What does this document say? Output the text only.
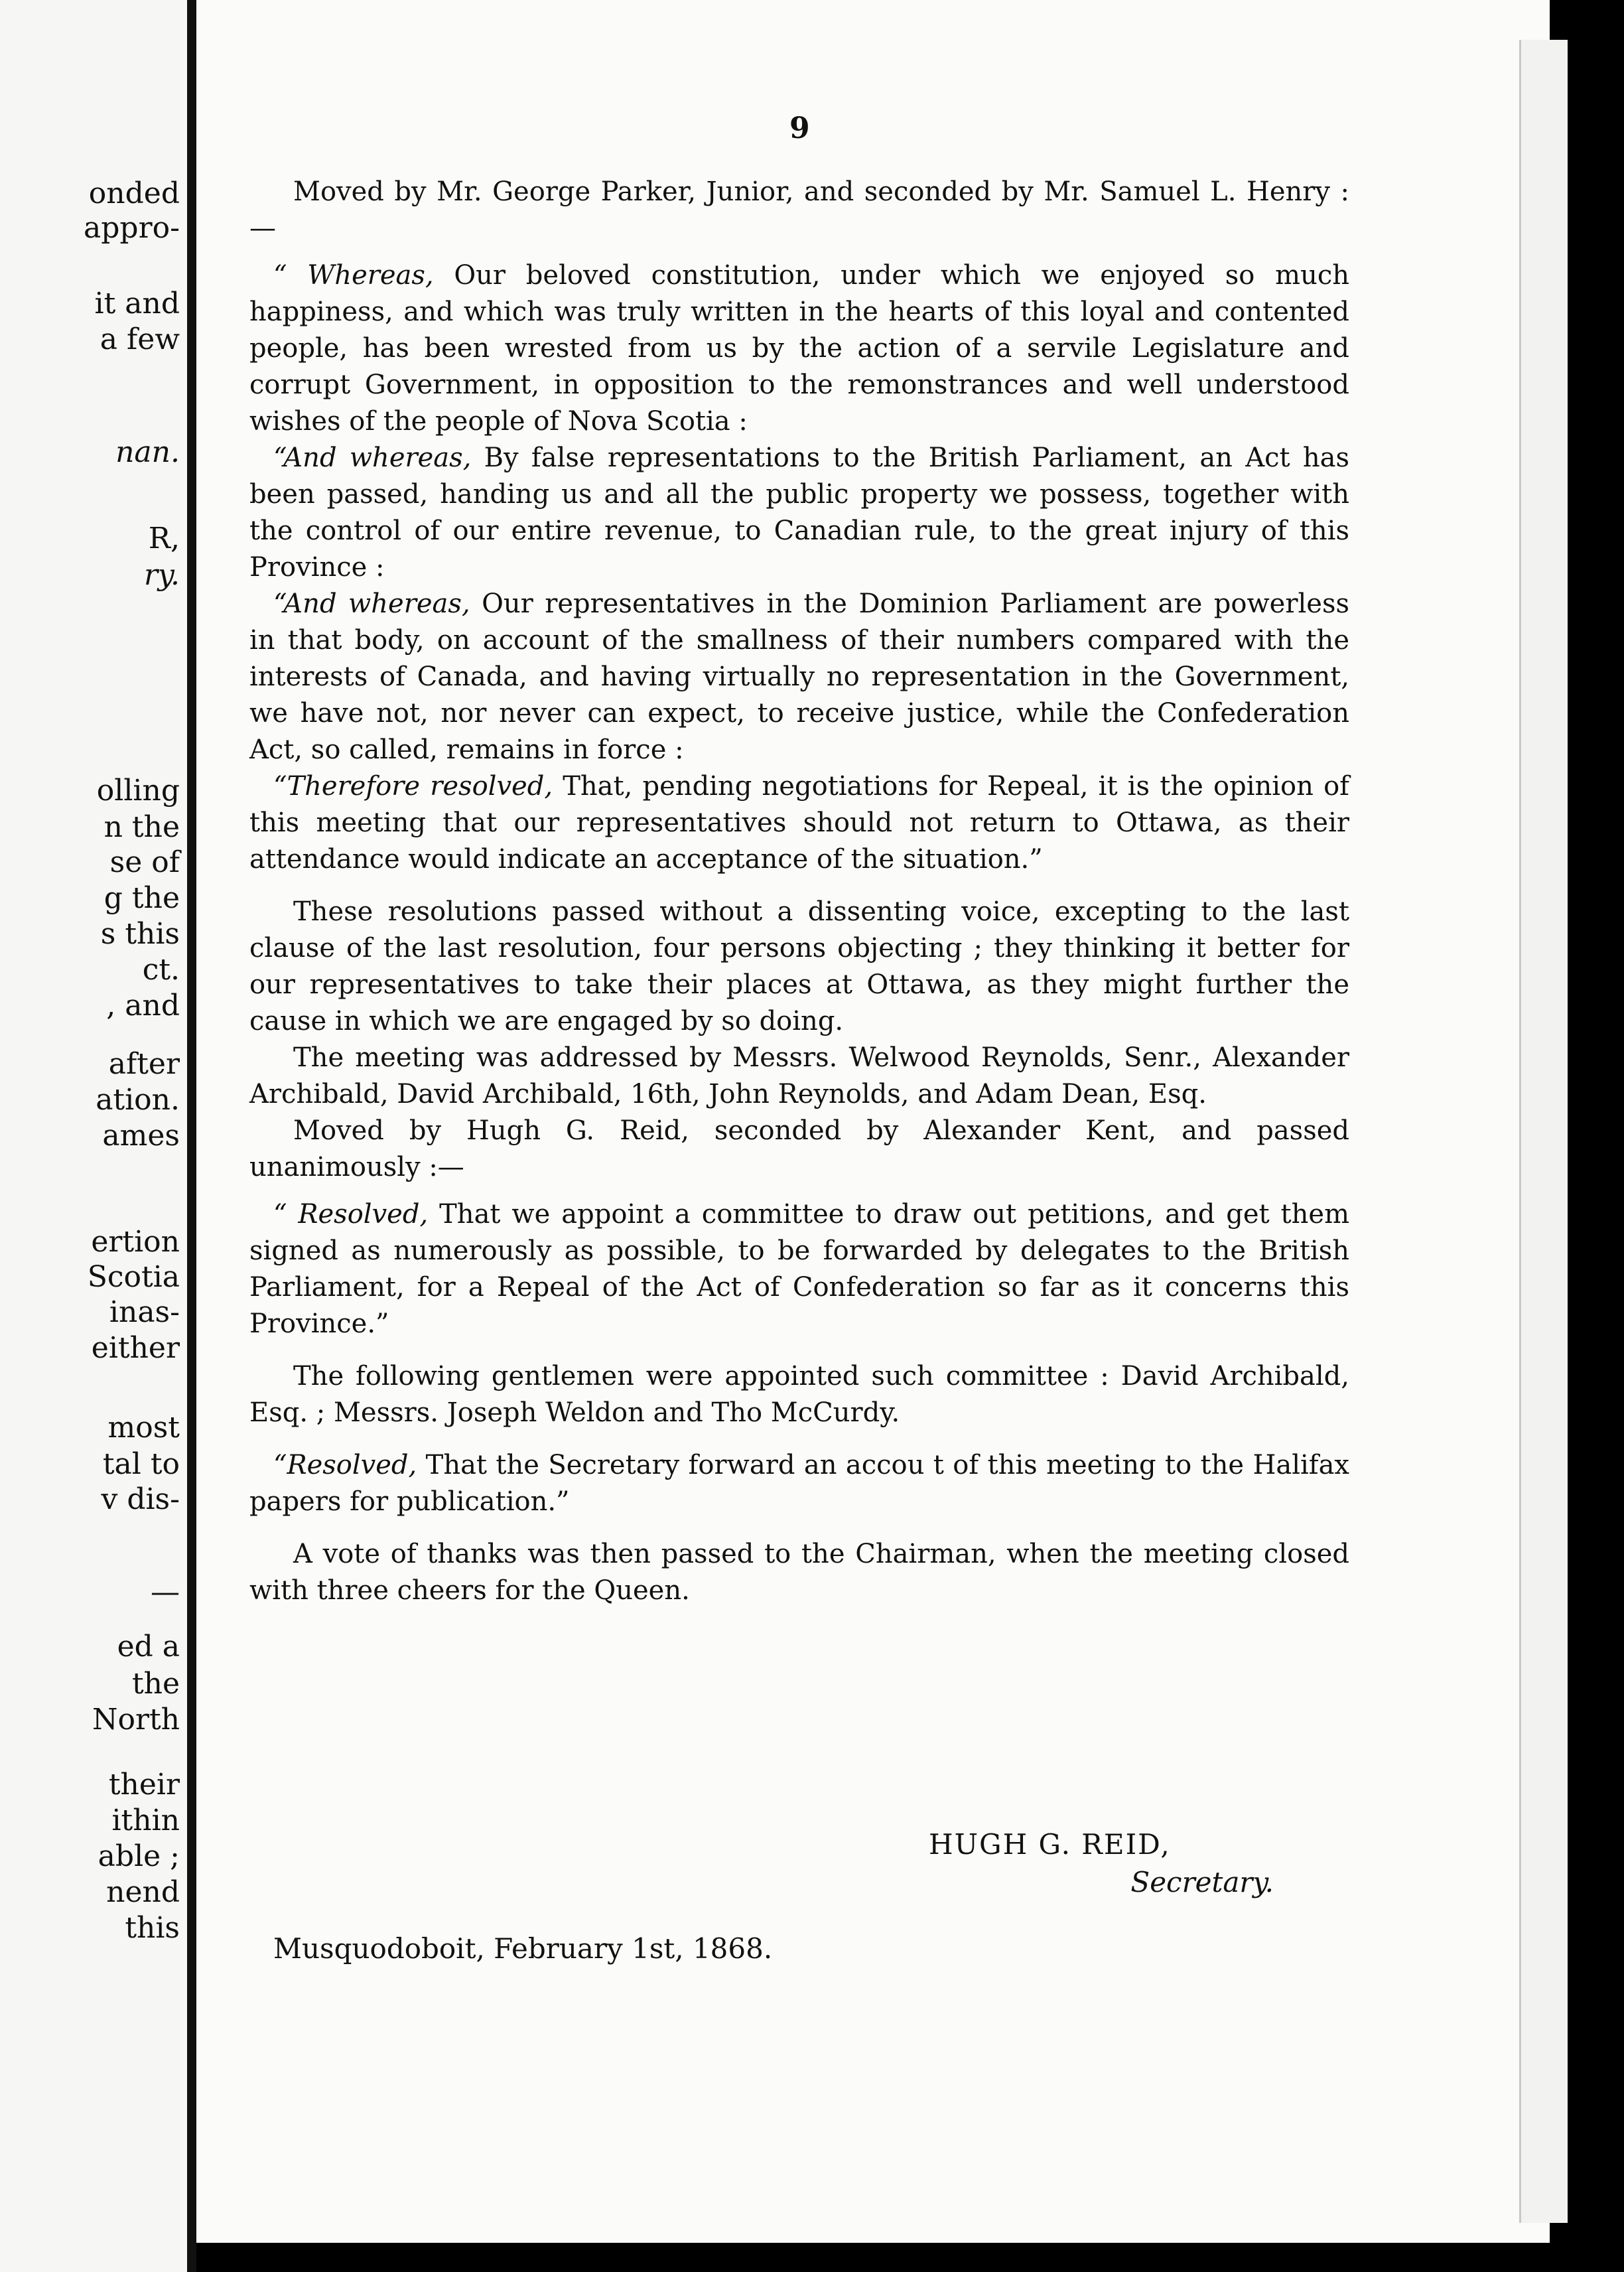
onded
appro-
it and
a few
nan.
R,
ry.
olling
n the
se of
g the
s this
ct.
, and
after
ation.
ames
ertion
Scotia
inas-
either
most
tal to
v dis-
—
ed a
the
North
their
ithin
able ;
nend
this
9

Moved by Mr. George Parker, Junior, and seconded by Mr. Samuel L. Henry :—

“ Whereas, Our beloved constitution, under which we enjoyed so much happiness, and which was truly written in the hearts of this loyal and contented people, has been wrested from us by the action of a servile Legislature and corrupt Government, in opposition to the remonstrances and well understood wishes of the people of Nova Scotia :

“And whereas, By false representations to the British Parliament, an Act has been passed, handing us and all the public property we possess, together with the control of our entire revenue, to Canadian rule, to the great injury of this Province :

“And whereas, Our representatives in the Dominion Parliament are powerless in that body, on account of the smallness of their numbers compared with the interests of Canada, and having virtually no representation in the Government, we have not, nor never can expect, to receive justice, while the Confederation Act, so called, remains in force :

“Therefore resolved, That, pending negotiations for Repeal, it is the opinion of this meeting that our representatives should not return to Ottawa, as their attendance would indicate an acceptance of the situation.”

These resolutions passed without a dissenting voice, excepting to the last clause of the last resolution, four persons objecting ; they thinking it better for our representatives to take their places at Ottawa, as they might further the cause in which we are engaged by so doing.

The meeting was addressed by Messrs. Welwood Reynolds, Senr., Alexander Archibald, David Archibald, 16th, John Reynolds, and Adam Dean, Esq.

Moved by Hugh G. Reid, seconded by Alexander Kent, and passed unanimously :—

“ Resolved, That we appoint a committee to draw out petitions, and get them signed as numerously as possible, to be forwarded by delegates to the British Parliament, for a Repeal of the Act of Confederation so far as it concerns this Province.”

The following gentlemen were appointed such committee : David Archibald, Esq. ; Messrs. Joseph Weldon and Tho McCurdy.

“Resolved, That the Secretary forward an accou t of this meeting to the Halifax papers for publication.”

A vote of thanks was then passed to the Chairman, when the meeting closed with three cheers for the Queen.

HUGH G. REID,
Secretary.
Musquodoboit, February 1st, 1868.
